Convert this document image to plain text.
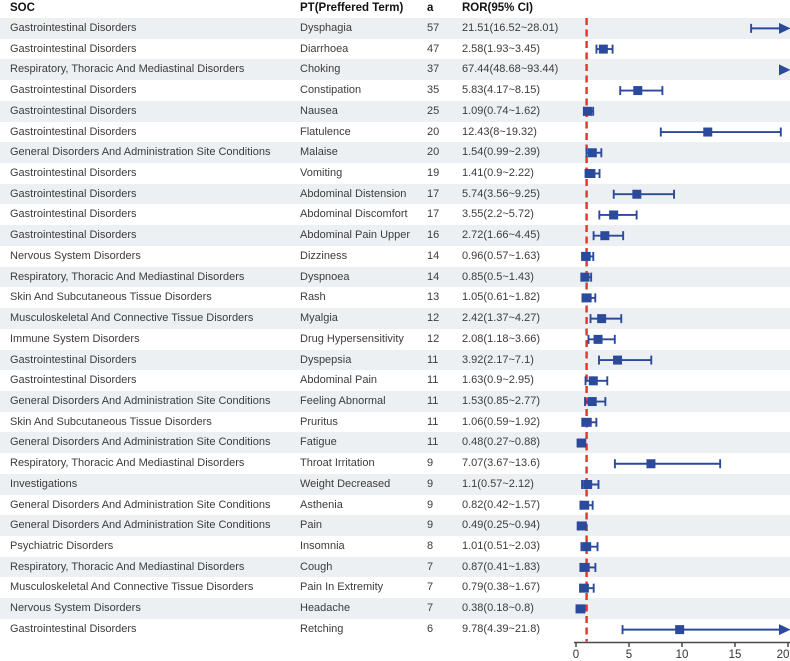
SOC	PT(Preffered Term) a ROR(95% CI)
Gastrointestinal Disorders	Dysphagia	57 21.51(16.52~28.01)
Gastrointestinal Disorders	Diarrhoea	47 2.58(1.93~3.45)
Respiratory, Thoracic And Mediastinal Disorders	Choking	37 67.44(48.68~93.44)
Gastrointestinal Disorders	Constipation	35 5.83(4.17~8.15)
Gastrointestinal Disorders	Nausea	25 1.09(0.74~1.62)
Gastrointestinal Disorders	Flatulence	20 12.43(8~19.32)
General Disorders And Administration Site Conditions	Malaise	20 1.54(0.99~2.39)
Gastrointestinal Disorders	Vomiting	19 1.41(0.9~2.22)
Gastrointestinal Disorders	Abdominal Distension 17 5.74(3.56~9.25)
Gastrointestinal Disorders	Abdominal Discomfort 17 3.55(2.2~5.72)
Gastrointestinal Disorders	Abdominal Pain Upper 16 2.72(1.66~4.45)
Nervous System Disorders	Dizziness	14 0.96(0.57~1.63)
Respiratory, Thoracic And Mediastinal Disorders	Dyspnoea	14 0.85(0.5~1.43)
Skin And Subcutaneous Tissue Disorders	Rash	13 1.05(0.61~1.82)
Musculoskeletal And Connective Tissue Disorders	Myalgia	12 2.42(1.37~4.27)
Immune System Disorders	Drug Hypersensitivity 12 2.08(1.18~3.66)
Gastrointestinal Disorders	Dyspepsia	11 3.92(2.17~7.1)
Gastrointestinal Disorders	Abdominal Pain	11 1.63(0.9~2.95)
General Disorders And Administration Site Conditions	Feeling Abnormal	11 1.53(0.85~2.77)
Skin And Subcutaneous Tissue Disorders	Pruritus	11 1.06(0.59~1.92)
General Disorders And Administration Site Conditions	Fatigue	11 0.48(0.27~0.88)
Respiratory, Thoracic And Mediastinal Disorders	Throat Irritation	9	7.07(3.67~13.6)
Investigations	Weight Decreased	9	1.1(0.57~2.12)
General Disorders And Administration Site Conditions	Asthenia	9	0.82(0.42~1.57)
General Disorders And Administration Site Conditions	Pain	9	0.49(0.25~0.94)
Psychiatric Disorders	Insomnia	8	1.01(0.51~2.03)
Respiratory, Thoracic And Mediastinal Disorders	Cough	7	0.87(0.41~1.83)
Musculoskeletal And Connective Tissue Disorders	Pain In Extremity	7	0.79(0.38~1.67)
Nervous System Disorders	Headache	7	0.38(0.18~0.8)
Gastrointestinal Disorders	Retching	6	9.78(4.39~21.8)
0	5	10	15	20
